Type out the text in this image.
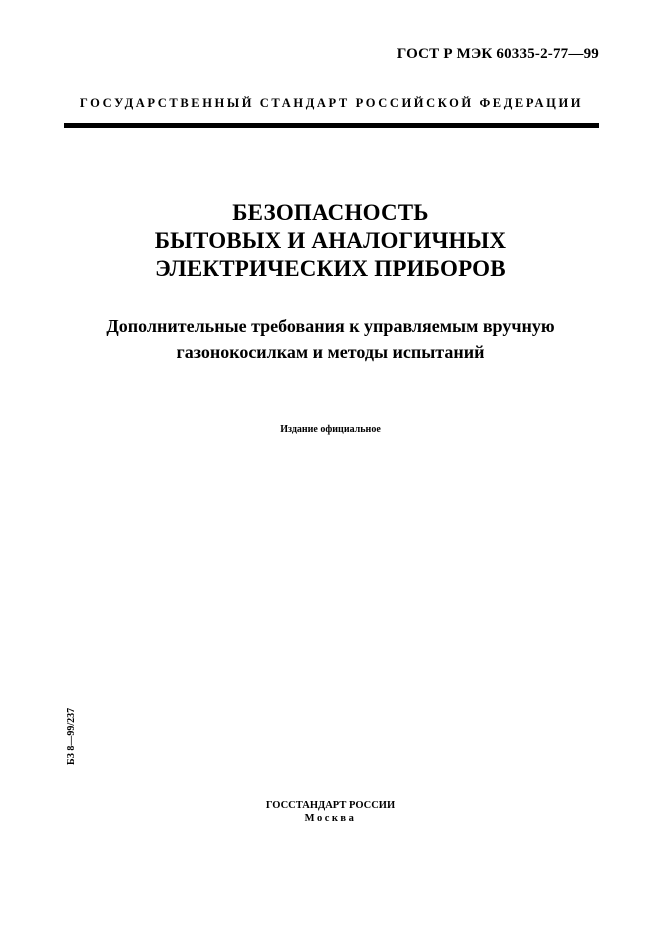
ГОСТ Р МЭК 60335-2-77—99
ГОСУДАРСТВЕННЫЙ СТАНДАРТ РОССИЙСКОЙ ФЕДЕРАЦИИ
БЕЗОПАСНОСТЬ
БЫТОВЫХ И АНАЛОГИЧНЫХ
ЭЛЕКТРИЧЕСКИХ ПРИБОРОВ
Дополнительные требования к управляемым вручную
газонокосилкам и методы испытаний
Издание официальное
БЗ 8—99/237
ГОССТАНДАРТ РОССИИ
Москва
